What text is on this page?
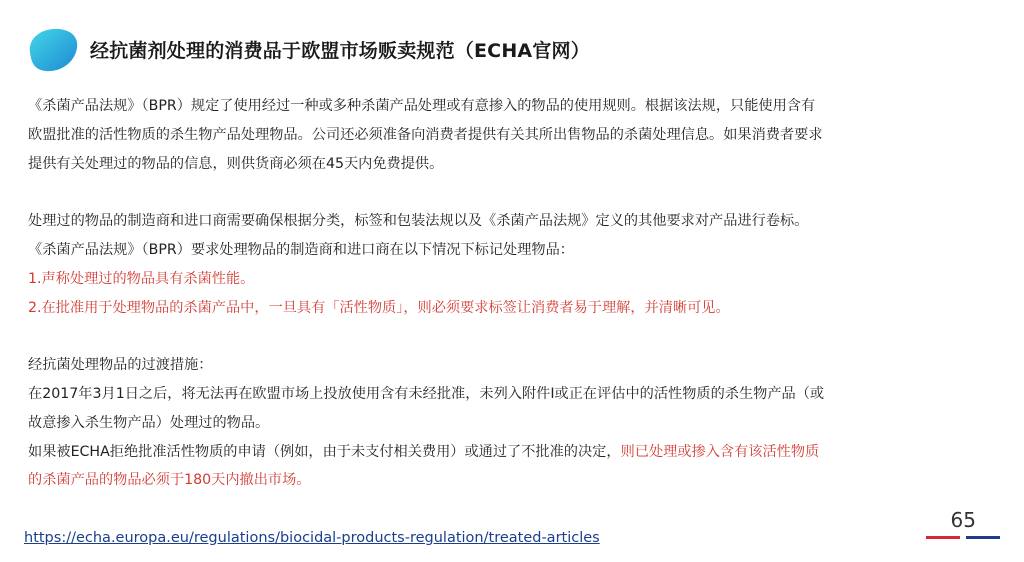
经抗菌剂处理的消费品于欧盟市场贩卖规范（ECHA官网）
《杀菌产品法规》（BPR）规定了使用经过一种或多种杀菌产品处理或有意掺入的物品的使用规则。根据该法规，只能使用含有
欧盟批准的活性物质的杀生物产品处理物品。公司还必须准备向消费者提供有关其所出售物品的杀菌处理信息。如果消费者要求
提供有关处理过的物品的信息，则供货商必须在45天内免费提供。
处理过的物品的制造商和进口商需要确保根据分类，标签和包装法规以及《杀菌产品法规》定义的其他要求对产品进行卷标。
《杀菌产品法规》（BPR）要求处理物品的制造商和进口商在以下情况下标记处理物品：
1.声称处理过的物品具有杀菌性能。
2.在批准用于处理物品的杀菌产品中，一旦具有「活性物质」，则必须要求标签让消费者易于理解，并清晰可见。
经抗菌处理物品的过渡措施：
在2017年3月1日之后，将无法再在欧盟市场上投放使用含有未经批准，未列入附件I或正在评估中的活性物质的杀生物产品（或
故意掺入杀生物产品）处理过的物品。
如果被ECHA拒绝批准活性物质的申请（例如，由于未支付相关费用）或通过了不批准的决定，则已处理或掺入含有该活性物质
的杀菌产品的物品必须于180天内撤出市场。
65
https://echa.europa.eu/regulations/biocidal-products-regulation/treated-articles
